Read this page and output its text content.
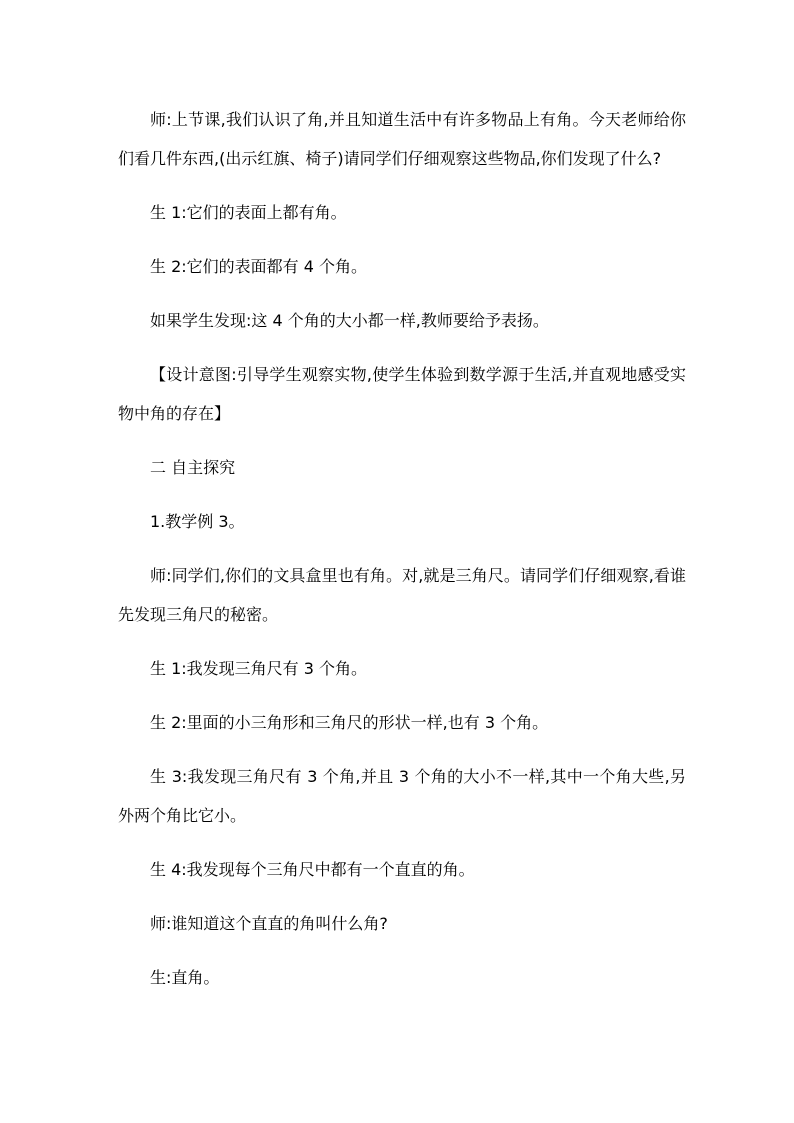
师:上节课,我们认识了角,并且知道生活中有许多物品上有角。今天老师给你们看几件东西,(出示红旗、椅子)请同学们仔细观察这些物品,你们发现了什么?

生 1:它们的表面上都有角。

生 2:它们的表面都有 4 个角。

如果学生发现:这 4 个角的大小都一样,教师要给予表扬。

【设计意图:引导学生观察实物,使学生体验到数学源于生活,并直观地感受实物中角的存在】

二 自主探究

1.教学例 3。

师:同学们,你们的文具盒里也有角。对,就是三角尺。请同学们仔细观察,看谁先发现三角尺的秘密。

生 1:我发现三角尺有 3 个角。

生 2:里面的小三角形和三角尺的形状一样,也有 3 个角。

生 3:我发现三角尺有 3 个角,并且 3 个角的大小不一样,其中一个角大些,另外两个角比它小。

生 4:我发现每个三角尺中都有一个直直的角。

师:谁知道这个直直的角叫什么角?

生:直角。
